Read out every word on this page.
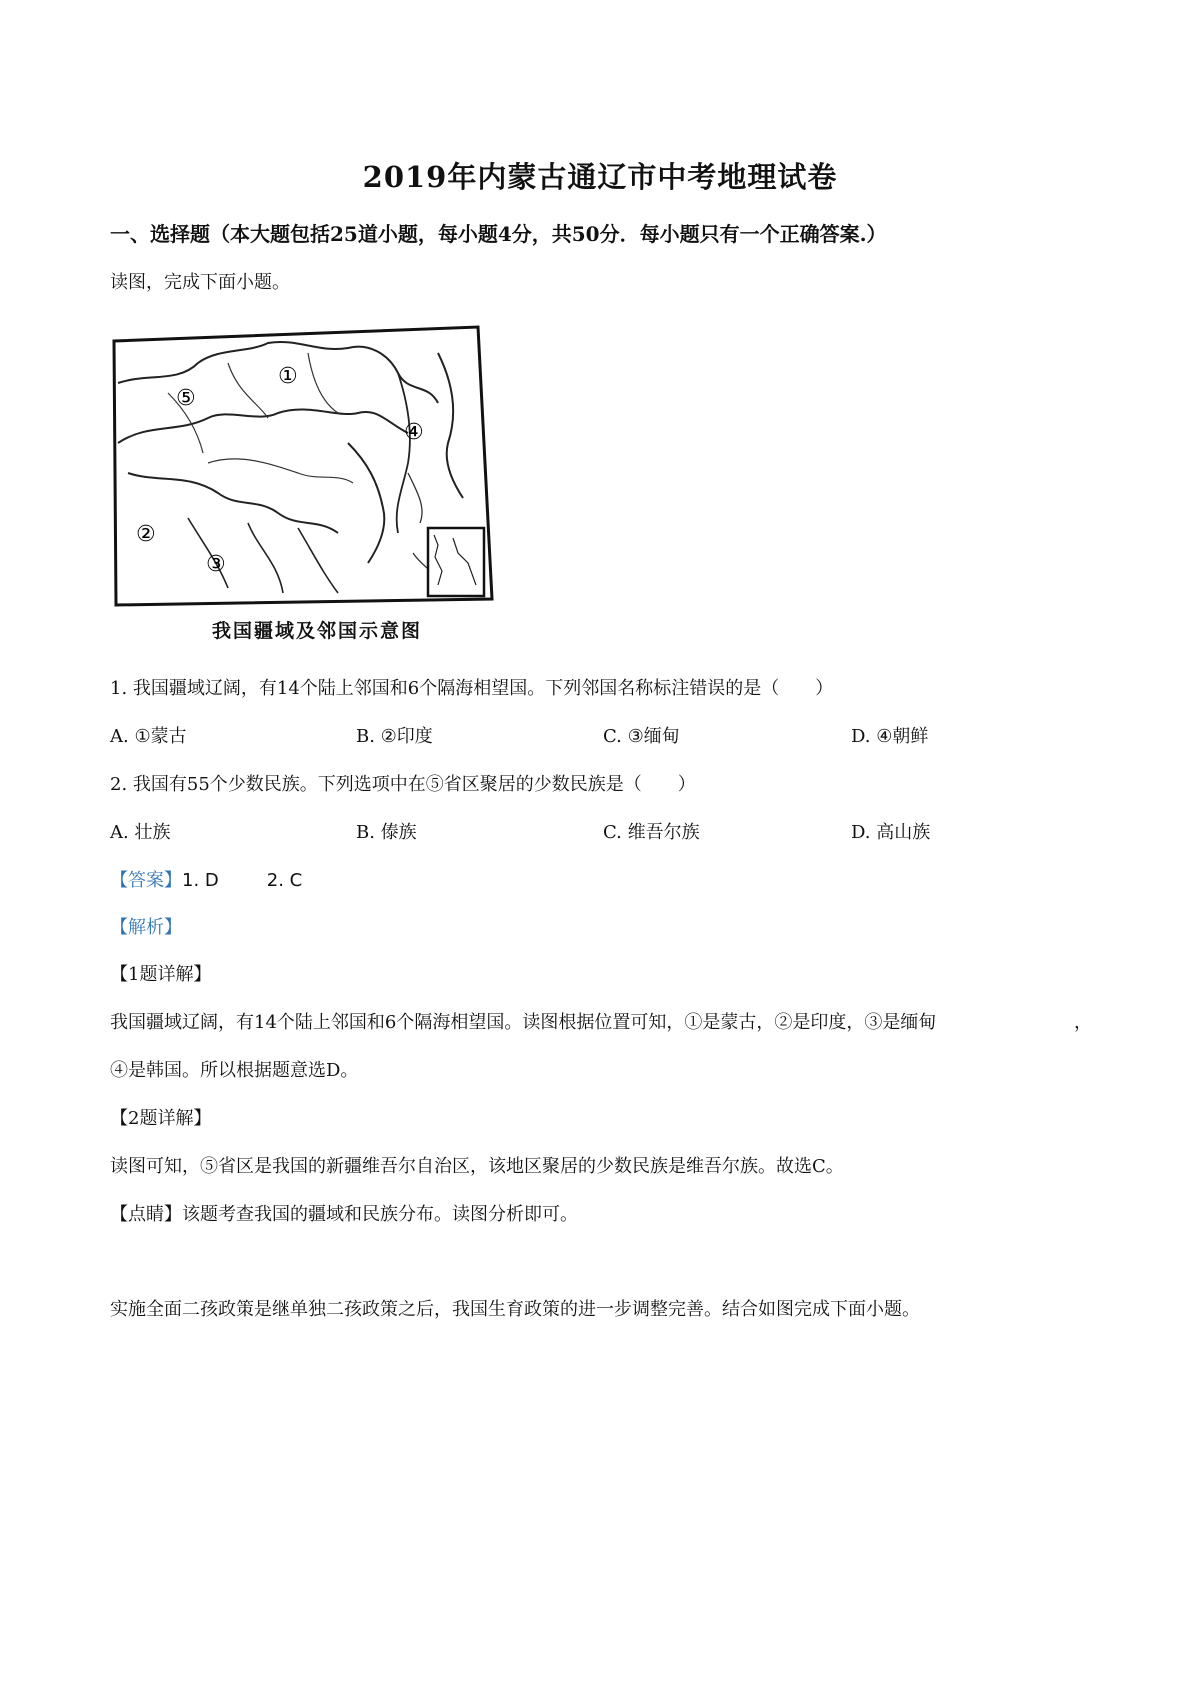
2019年内蒙古通辽市中考地理试卷
一、选择题（本大题包括25道小题，每小题4分，共50分．每小题只有一个正确答案.）
读图，完成下面小题。
①
②
③
④
⑤
我国疆域及邻国示意图
1. 我国疆域辽阔，有14个陆上邻国和6个隔海相望国。下列邻国名称标注错误的是（　　）
A. ①蒙古	B. ②印度	C. ③缅甸	D. ④朝鲜
2. 我国有55个少数民族。下列选项中在⑤省区聚居的少数民族是（　　）
A. 壮族	B. 傣族	C. 维吾尔族	D. 高山族
【答案】1. D	2. C
【解析】
【1题详解】
我国疆域辽阔，有14个陆上邻国和6个隔海相望国。读图根据位置可知，①是蒙古，②是印度，③是缅甸	，
④是韩国。所以根据题意选D。
【2题详解】
读图可知，⑤省区是我国的新疆维吾尔自治区，该地区聚居的少数民族是维吾尔族。故选C。
【点睛】该题考查我国的疆域和民族分布。读图分析即可。
实施全面二孩政策是继单独二孩政策之后，我国生育政策的进一步调整完善。结合如图完成下面小题。
